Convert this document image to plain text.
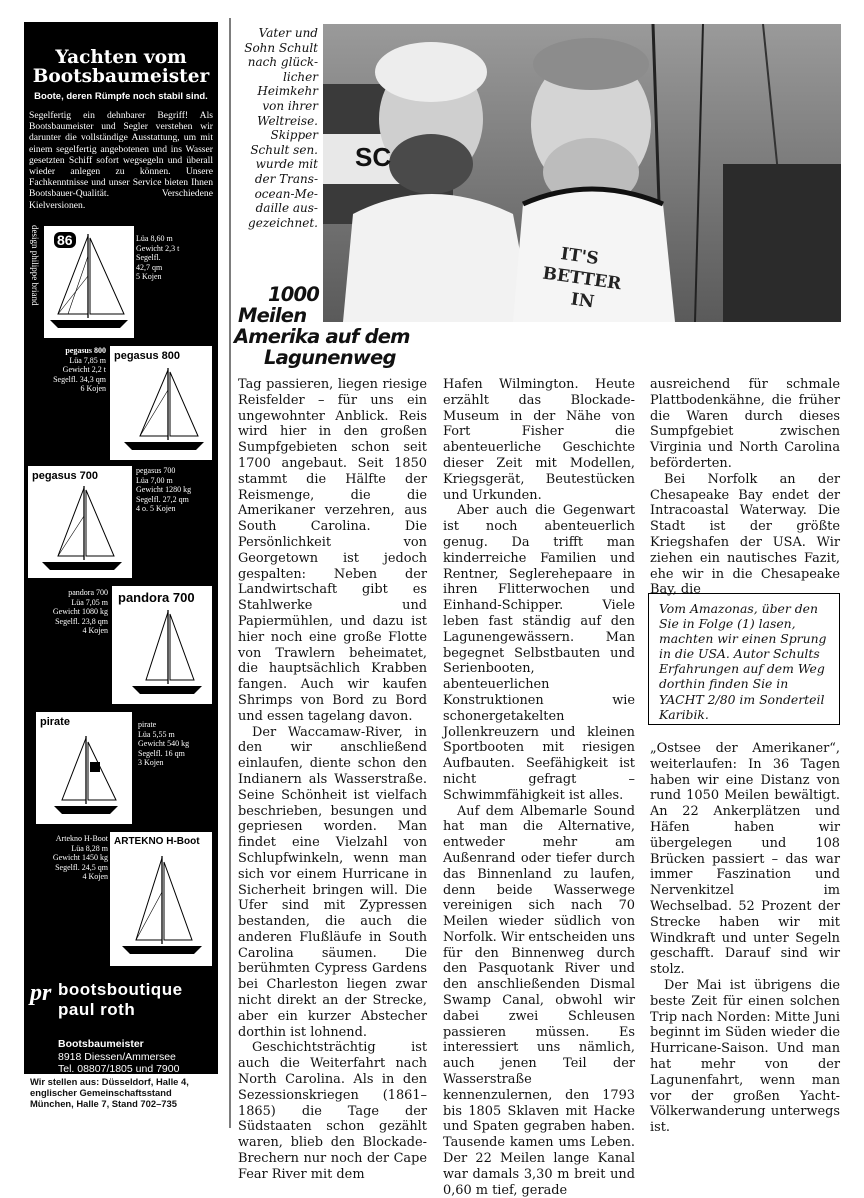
Yachten vom Bootsbaumeister
Boote, deren Rümpfe noch stabil sind.
Segelfertig ein dehnbarer Begriff! Als Bootsbaumeister und Segler verstehen wir darunter die vollständige Ausstattung, um mit einem segelfertig angebotenen und ins Wasser gesetzten Schiff sofort wegsegeln und überall wieder anlegen zu können. Unsere Fachkenntnisse und unser Service bieten Ihnen Bootsbauer-Qualität. Verschiedene Kielversionen.
86
design philippe briand	Lüa 8,60 m
Gewicht 2,3 t
Segelfl.
42,7 qm
5 Kojen
pegasus 800
Lüa 7,85 m
Gewicht 2,2 t
Segelfl. 34,3 qm
6 Kojen
pegasus 800
pegasus 700	pegasus 700
Lüa 7,00 m
Gewicht 1280 kg
Segelfl. 27,2 qm
4 o. 5 Kojen
pandora 700
Lüa 7,05 m
Gewicht 1080 kg
Segelfl. 23,8 qm
4 Kojen
pandora 700
pirate	pirate
Lüa 5,55 m
Gewicht 540 kg
Segelfl. 16 qm
3 Kojen
Artekno H-Boot
Lüa 8,28 m
Gewicht 1450 kg
Segelfl. 24,5 qm
4 Kojen
ARTEKNO H-Boot
pr bootsboutique
paul roth
Bootsbaumeister
8918 Diessen/Ammersee
Tel. 08807/1805 und 7900
Wir stellen aus: Düsseldorf, Halle 4,
englischer Gemeinschaftsstand
München, Halle 7, Stand 702–735
Vater und
Sohn Schult
nach glück-
licher
Heimkehr
von ihrer
Weltreise.
Skipper
Schult sen.
wurde mit
der Trans-
ocean-Me-
daille aus-
gezeichnet.
IT'S
BETTER
IN
SC
1000
Meilen
Amerika auf dem
Lagunenweg

Tag passieren, liegen riesige Reisfelder – für uns ein ungewohnter Anblick. Reis wird hier in den großen Sumpfgebieten schon seit 1700 angebaut. Seit 1850 stammt die Hälfte der Reismenge, die die Amerikaner verzehren, aus South Carolina. Die Persönlichkeit von Georgetown ist jedoch gespalten: Neben der Landwirtschaft gibt es Stahlwerke und Papiermühlen, und dazu ist hier noch eine große Flotte von Trawlern beheimatet, die hauptsächlich Krabben fangen. Auch wir kaufen Shrimps von Bord zu Bord und essen tagelang davon.

Der Waccamaw-River, in den wir anschließend einlaufen, diente schon den Indianern als Wasserstraße. Seine Schönheit ist vielfach beschrieben, besungen und gepriesen worden. Man findet eine Vielzahl von Schlupfwinkeln, wenn man sich vor einem Hurricane in Sicherheit bringen will. Die Ufer sind mit Zypressen bestanden, die auch die anderen Flußläufe in South Carolina säumen. Die berühmten Cypress Gardens bei Charleston liegen zwar nicht direkt an der Strecke, aber ein kurzer Abstecher dorthin ist lohnend.

Geschichtsträchtig ist auch die Weiterfahrt nach North Carolina. Als in den Sezessionskriegen (1861–1865) die Tage der Südstaaten schon gezählt waren, blieb den Blockade-Brechern nur noch der Cape Fear River mit dem

Hafen Wilmington. Heute erzählt das Blockade-Museum in der Nähe von Fort Fisher die abenteuerliche Geschichte dieser Zeit mit Modellen, Kriegsgerät, Beutestücken und Urkunden.

Aber auch die Gegenwart ist noch abenteuerlich genug. Da trifft man kinderreiche Familien und Rentner, Seglerehepaare in ihren Flitterwochen und Einhand-Schipper. Viele leben fast ständig auf den Lagunengewässern. Man begegnet Selbstbauten und Serienbooten, abenteuerlichen Konstruktionen wie schonergetakelten Jollenkreuzern und kleinen Sportbooten mit riesigen Aufbauten. Seefähigkeit ist nicht gefragt – Schwimmfähigkeit ist alles.

Auf dem Albemarle Sound hat man die Alternative, entweder mehr am Außenrand oder tiefer durch das Binnenland zu laufen, denn beide Wasserwege vereinigen sich nach 70 Meilen wieder südlich von Norfolk. Wir entscheiden uns für den Binnenweg durch den Pasquotank River und den anschließenden Dismal Swamp Canal, obwohl wir dabei zwei Schleusen passieren müssen. Es interessiert uns nämlich, auch jenen Teil der Wasserstraße kennenzulernen, den 1793 bis 1805 Sklaven mit Hacke und Spaten gegraben haben. Tausende kamen ums Leben. Der 22 Meilen lange Kanal war damals 3,30 m breit und 0,60 m tief, gerade

ausreichend für schmale Plattbodenkähne, die früher die Waren durch dieses Sumpfgebiet zwischen Virginia und North Carolina beförderten.

Bei Norfolk an der Chesapeake Bay endet der Intracoastal Waterway. Die Stadt ist der größte Kriegshafen der USA. Wir ziehen ein nautisches Fazit, ehe wir in die Chesapeake Bay, die

Vom Amazonas, über den Sie in Folge (1) lasen, machten wir einen Sprung in die USA. Autor Schults Erfahrungen auf dem Weg dorthin finden Sie in YACHT 2/80 im Sonderteil Karibik.

„Ostsee der Amerikaner“, weiterlaufen: In 36 Tagen haben wir eine Distanz von rund 1050 Meilen bewältigt. An 22 Ankerplätzen und Häfen haben wir übergelegen und 108 Brücken passiert – das war immer Faszination und Nervenkitzel im Wechselbad. 52 Prozent der Strecke haben wir mit Windkraft und unter Segeln geschafft. Darauf sind wir stolz.

Der Mai ist übrigens die beste Zeit für einen solchen Trip nach Norden: Mitte Juni beginnt im Süden wieder die Hurricane-Saison. Und man hat mehr von der Lagunenfahrt, wenn man vor der großen Yacht-Völkerwanderung unterwegs ist.
